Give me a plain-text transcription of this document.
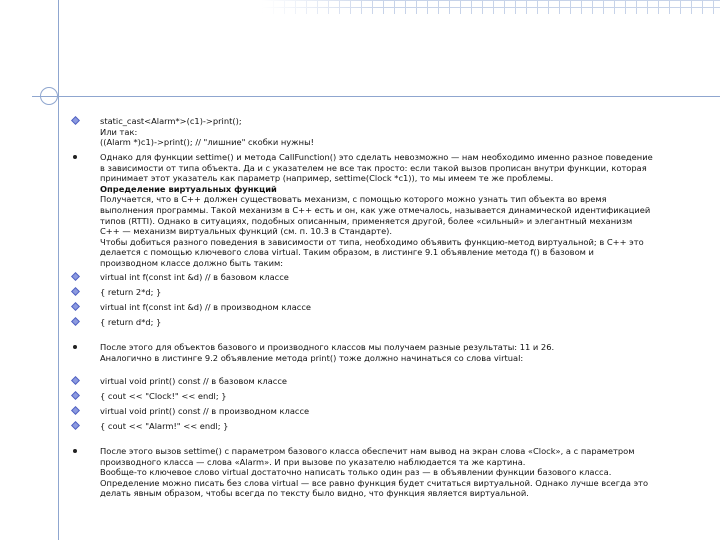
static_cast<Alarm*>(c1)->print();
Или так:
((Alarm *)c1)->print(); // "лишние" скобки нужны!
Однако для функции settime() и метода CallFunction() это сделать невозможно — нам необходимо именно разное поведение
в зависимости от типа объекта. Да и с указателем не все так просто: если такой вызов прописан внутри функции, которая
принимает этот указатель как параметр (например, settime(Clock *c1)), то мы имеем те же проблемы.
Определение виртуальных функций
Получается, что в С++ должен существовать механизм, с помощью которого можно узнать тип объекта во время
выполнения программы. Такой механизм в С++ есть и он, как уже отмечалось, называется динамической идентификацией
типов (RTTI). Однако в ситуациях, подобных описанным, применяется другой, более «сильный» и элегантный механизм
С++ — механизм виртуальных функций (см. п. 10.3 в Стандарте).
Чтобы добиться разного поведения в зависимости от типа, необходимо объявить функцию-метод виртуальной; в С++ это
делается с помощью ключевого слова virtual. Таким образом, в листинге 9.1 объявление метода f() в базовом и
производном классе должно быть таким:
virtual int f(const int &d) // в базовом классе
{ return 2*d; }
virtual int f(const int &d) // в производном классе
{ return d*d; }
После этого для объектов базового и производного классов мы получаем разные результаты: 11 и 26.
Аналогично в листинге 9.2 объявление метода print() тоже должно начинаться со слова virtual:
virtual void print() const // в базовом классе
{ cout << "Clock!" << endl; }
virtual void print() const // в производном классе
{ cout << "Alarm!" << endl; }
После этого вызов settime() с параметром базового класса обеспечит нам вывод на экран слова «Clock», а с параметром
производного класса — слова «Alarm». И при вызове по указателю наблюдается та же картина.
Вообще-то ключевое слово virtual достаточно написать только один раз — в объявлении функции базового класса.
Определение можно писать без слова virtual — все равно функция будет считаться виртуальной. Однако лучше всегда это
делать явным образом, чтобы всегда по тексту было видно, что функция является виртуальной.
